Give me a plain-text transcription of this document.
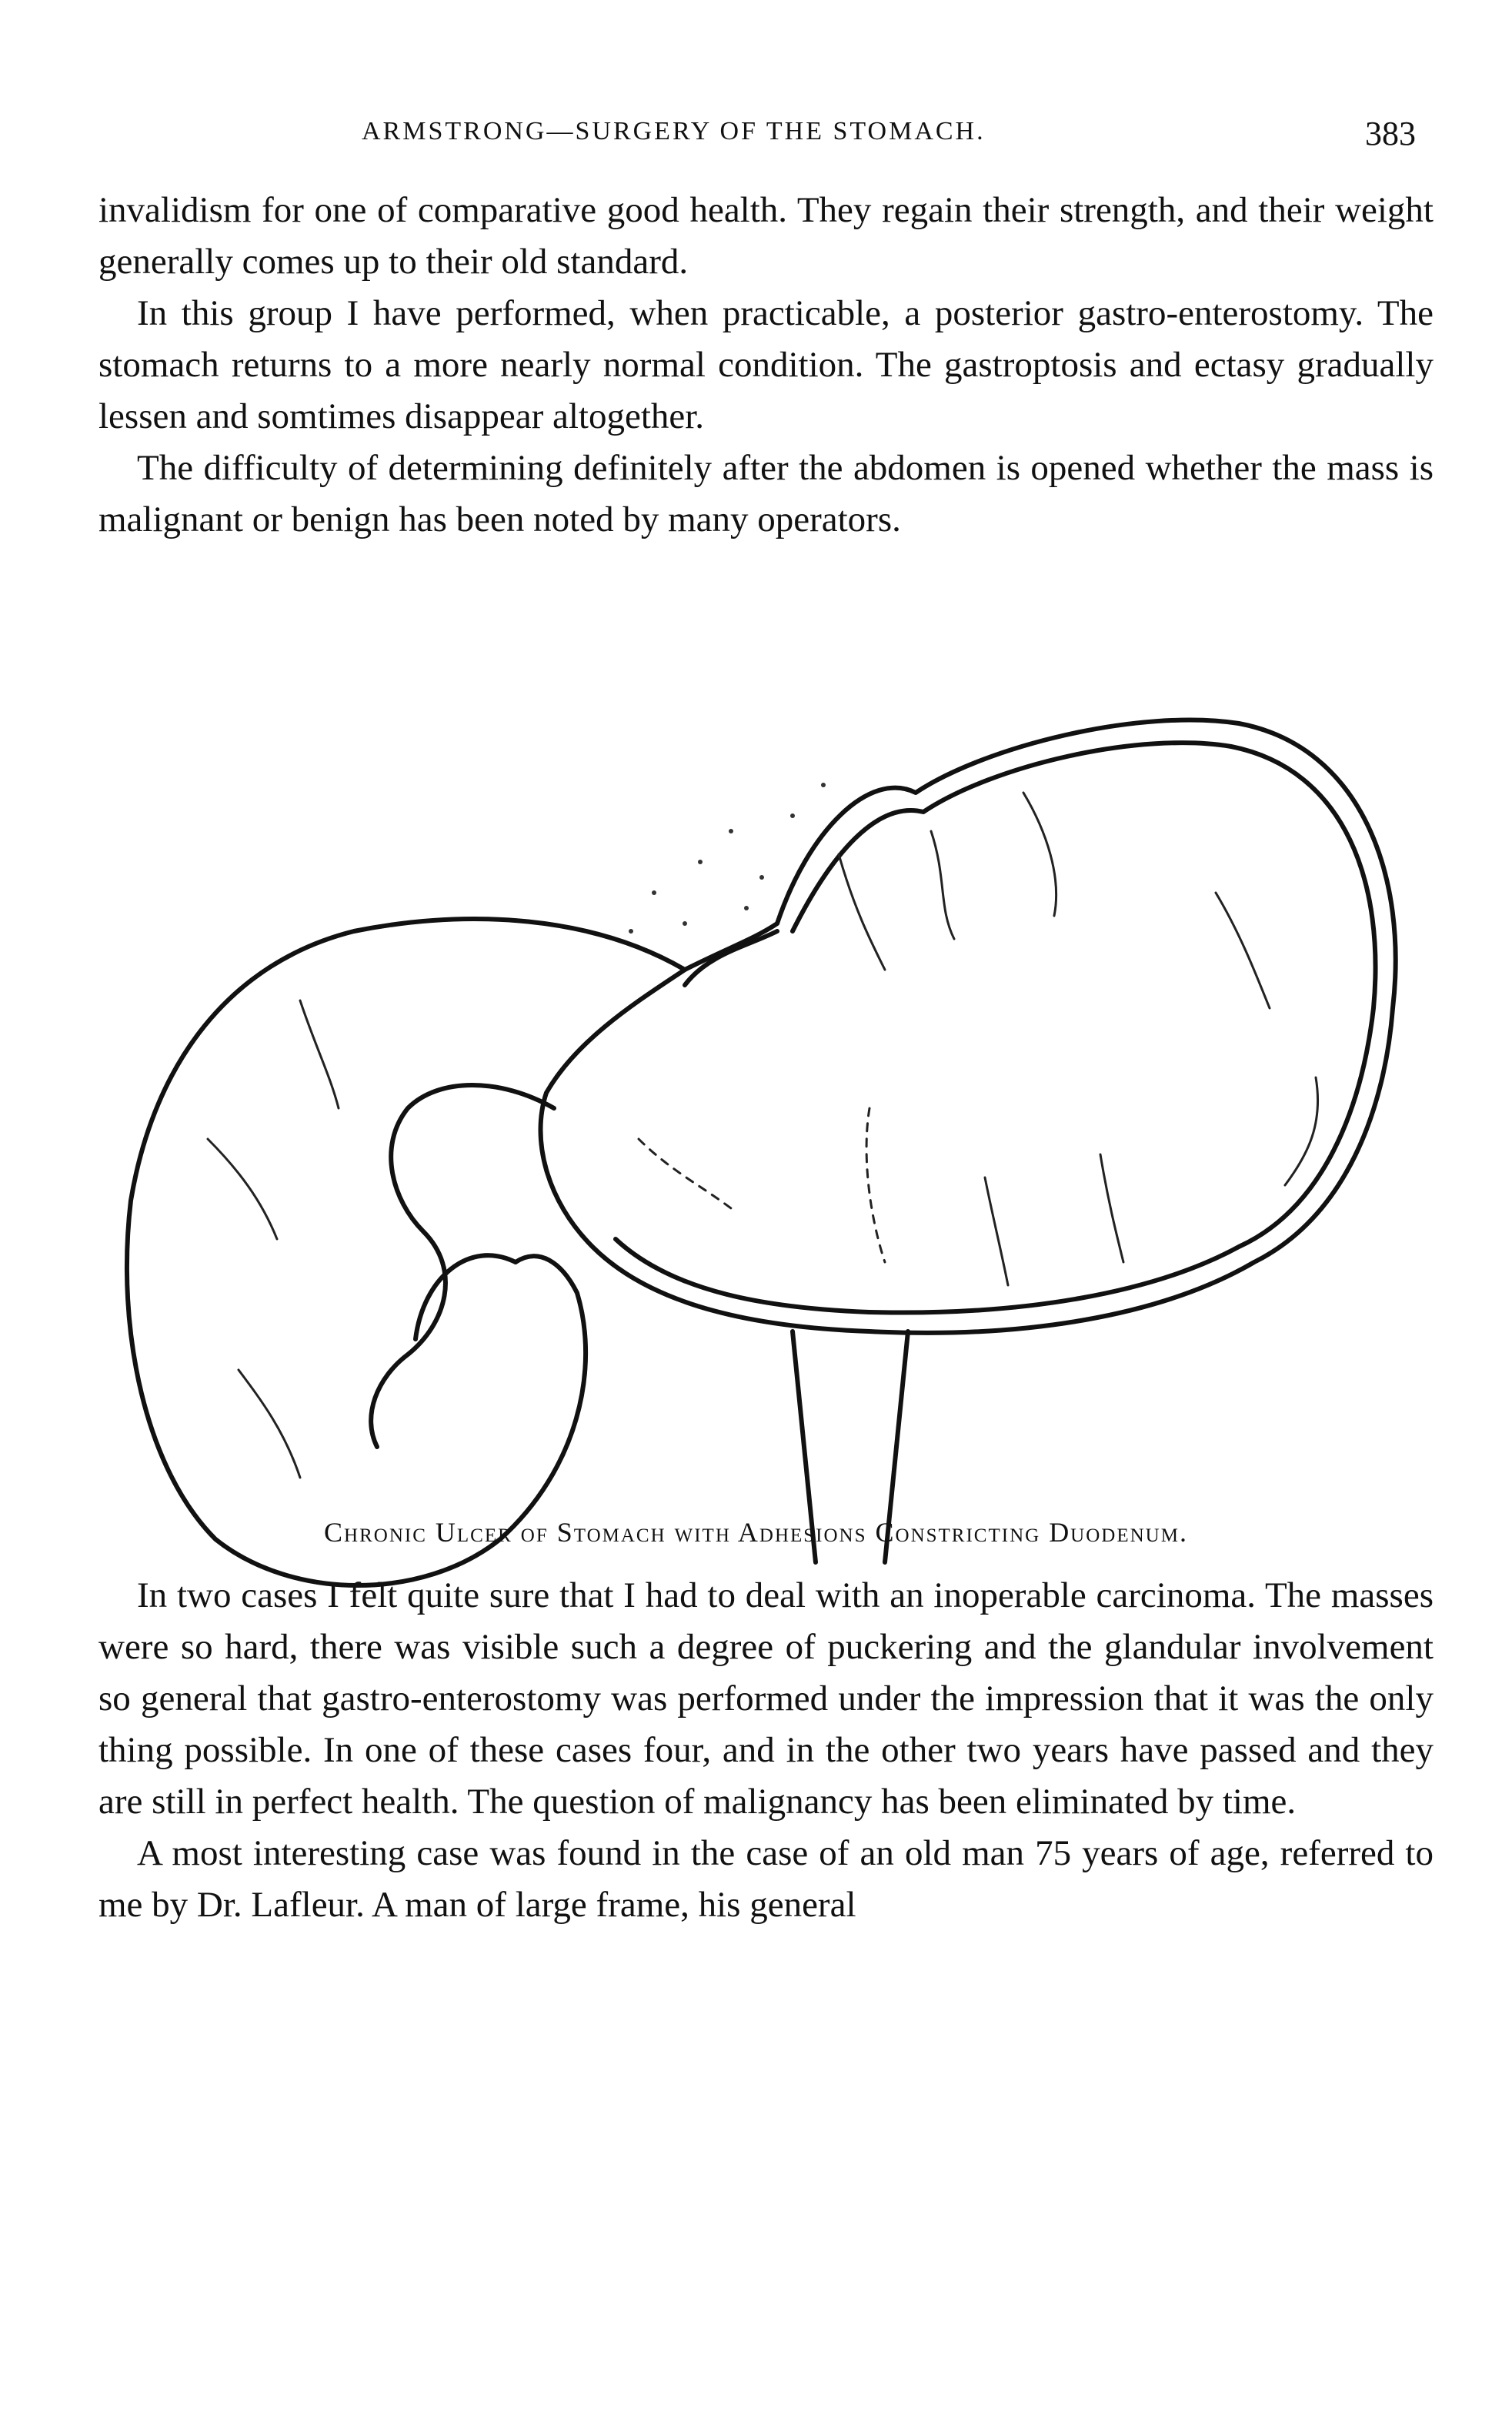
ARMSTRONG—SURGERY OF THE STOMACH.	383

invalidism for one of comparative good health. They regain their strength, and their weight generally comes up to their old standard.

In this group I have performed, when practicable, a posterior gastro-enterostomy. The stomach returns to a more nearly normal condition. The gastroptosis and ectasy gradually lessen and somtimes disappear altogether.

The difficulty of determining definitely after the abdomen is opened whether the mass is malignant or benign has been noted by many operators.

Chronic Ulcer of Stomach with Adhesions Constricting Duodenum.

In two cases I felt quite sure that I had to deal with an inoperable carcinoma. The masses were so hard, there was visible such a degree of puckering and the glandular involvement so general that gastro-enterostomy was performed under the impression that it was the only thing possible. In one of these cases four, and in the other two years have passed and they are still in perfect health. The question of malignancy has been eliminated by time.

A most interesting case was found in the case of an old man 75 years of age, referred to me by Dr. Lafleur. A man of large frame, his general
